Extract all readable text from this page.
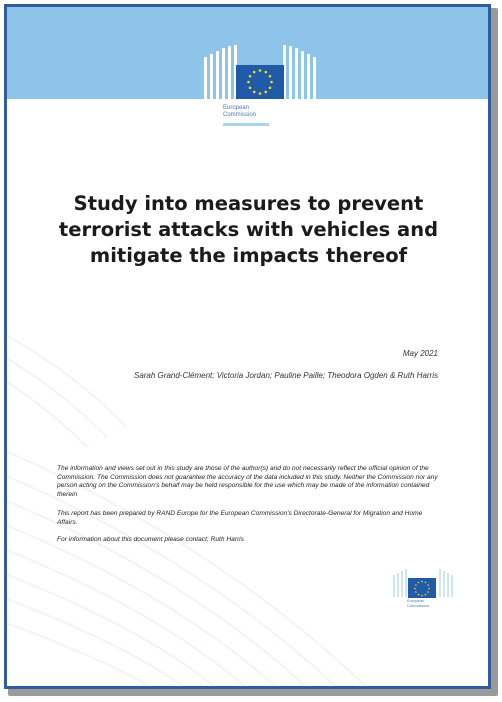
European
Commission
Study into measures to prevent terrorist attacks with vehicles and mitigate the impacts thereof
May 2021
Sarah Grand-Clément; Victoria Jordan; Pauline Paille; Theodora Ogden & Ruth Harris

The information and views set out in this study are those of the author(s) and do not necessarily reflect the official opinion of the Commission. The Commission does not guarantee the accuracy of the data included in this study. Neither the Commission nor any person acting on the Commission’s behalf may be held responsible for the use which may be made of the information contained therein

This report has been prepared by RAND Europe for the European Commission’s Directorate-General for Migration and Home Affairs.

For information about this document please contact: Ruth Harris

European
Commission
